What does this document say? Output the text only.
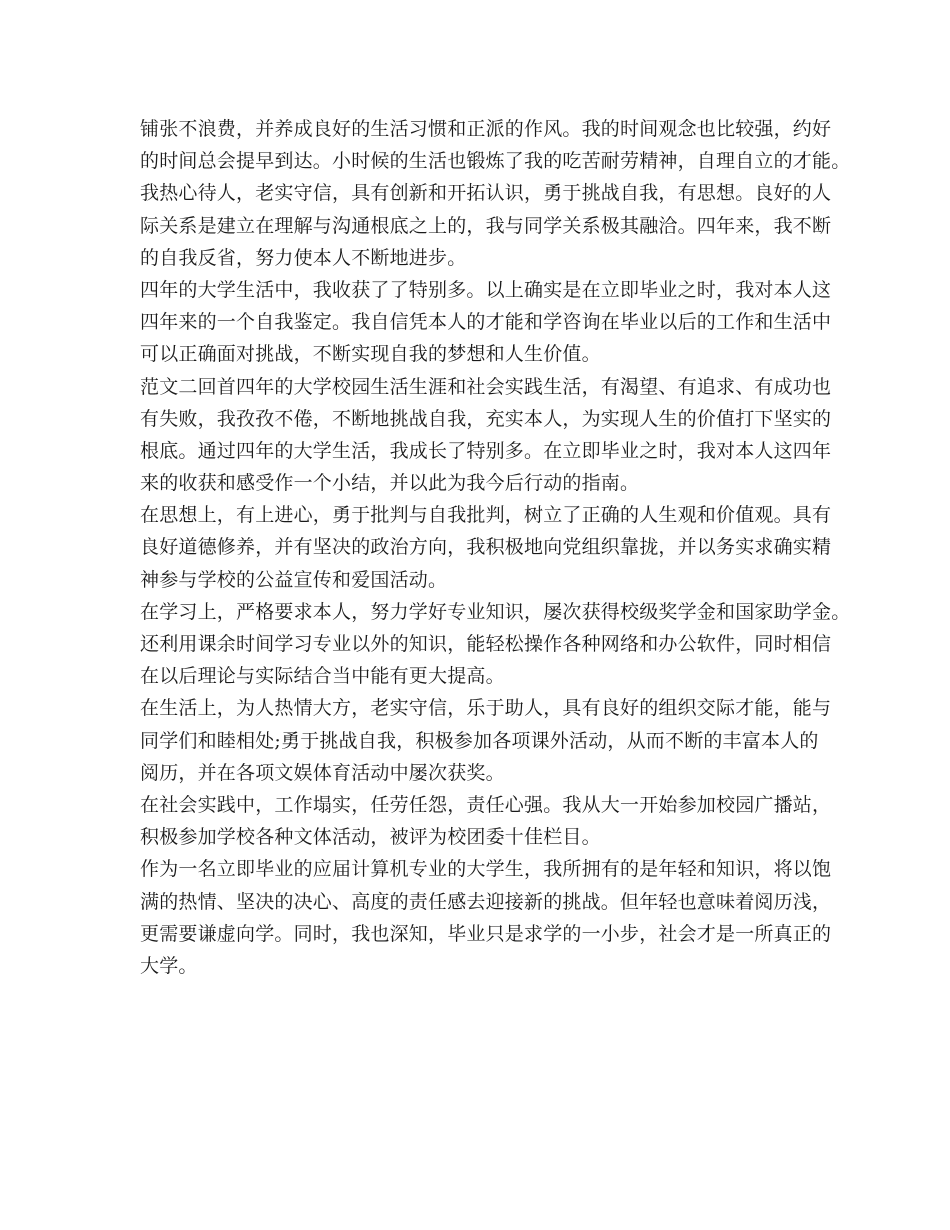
铺张不浪费，并养成良好的生活习惯和正派的作风。我的时间观念也比较强，约好
的时间总会提早到达。小时候的生活也锻炼了我的吃苦耐劳精神，自理自立的才能。
我热心待人，老实守信，具有创新和开拓认识，勇于挑战自我，有思想。良好的人
际关系是建立在理解与沟通根底之上的，我与同学关系极其融洽。四年来，我不断
的自我反省，努力使本人不断地进步。
四年的大学生活中，我收获了了特别多。以上确实是在立即毕业之时，我对本人这
四年来的一个自我鉴定。我自信凭本人的才能和学咨询在毕业以后的工作和生活中
可以正确面对挑战，不断实现自我的梦想和人生价值。
范文二回首四年的大学校园生活生涯和社会实践生活，有渴望、有追求、有成功也
有失败，我孜孜不倦，不断地挑战自我，充实本人，为实现人生的价值打下坚实的
根底。通过四年的大学生活，我成长了特别多。在立即毕业之时，我对本人这四年
来的收获和感受作一个小结，并以此为我今后行动的指南。
在思想上，有上进心，勇于批判与自我批判，树立了正确的人生观和价值观。具有
良好道德修养，并有坚决的政治方向，我积极地向党组织靠拢，并以务实求确实精
神参与学校的公益宣传和爱国活动。
在学习上，严格要求本人，努力学好专业知识，屡次获得校级奖学金和国家助学金。
还利用课余时间学习专业以外的知识，能轻松操作各种网络和办公软件，同时相信
在以后理论与实际结合当中能有更大提高。
在生活上，为人热情大方，老实守信，乐于助人，具有良好的组织交际才能，能与
同学们和睦相处;勇于挑战自我，积极参加各项课外活动，从而不断的丰富本人的
阅历，并在各项文娱体育活动中屡次获奖。
在社会实践中，工作塌实，任劳任怨，责任心强。我从大一开始参加校园广播站，
积极参加学校各种文体活动，被评为校团委十佳栏目。
作为一名立即毕业的应届计算机专业的大学生，我所拥有的是年轻和知识，将以饱
满的热情、坚决的决心、高度的责任感去迎接新的挑战。但年轻也意味着阅历浅，
更需要谦虚向学。同时，我也深知，毕业只是求学的一小步，社会才是一所真正的
大学。
